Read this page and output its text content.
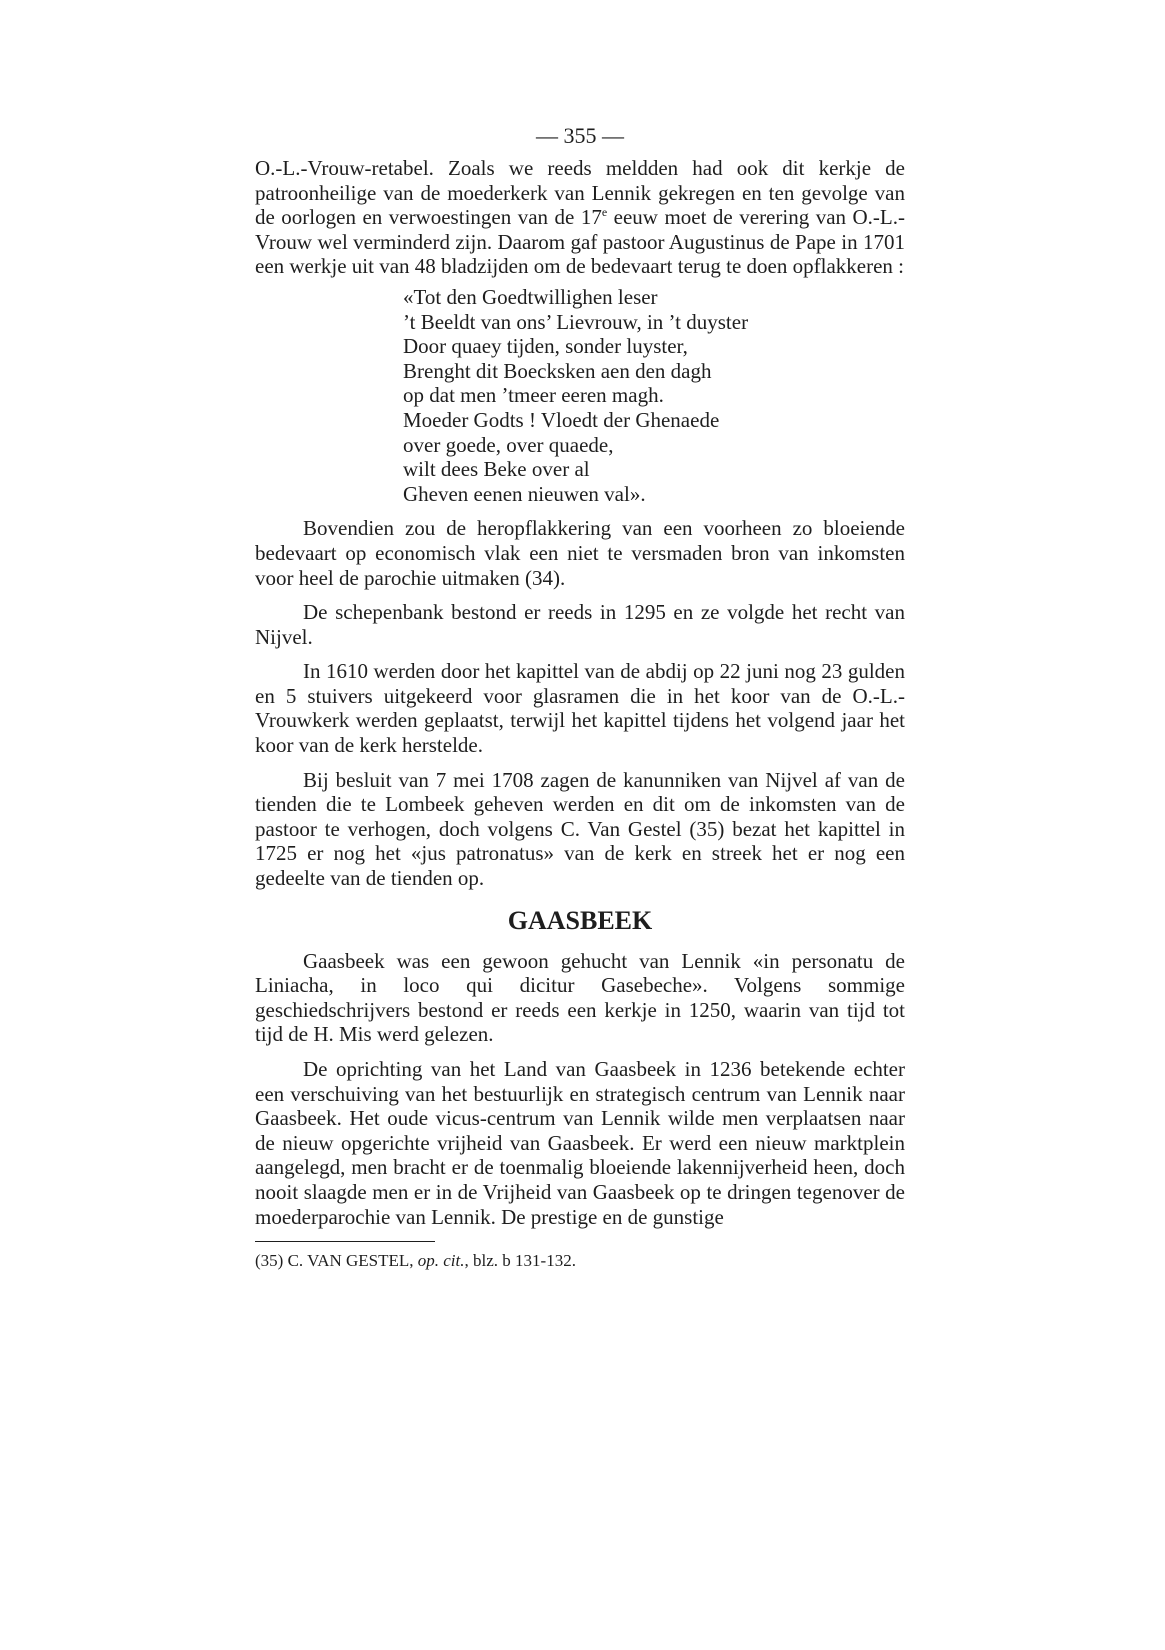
— 355 —

O.-L.-Vrouw-retabel. Zoals we reeds meldden had ook dit kerkje de patroonheilige van de moederkerk van Lennik gekregen en ten gevolge van de oorlogen en verwoestingen van de 17e eeuw moet de verering van O.-L.-Vrouw wel verminderd zijn. Daarom gaf pastoor Augustinus de Pape in 1701 een werkje uit van 48 bladzijden om de bedevaart terug te doen opflakkeren :

«Tot den Goedtwillighen leser
’t Beeldt van ons’ Lievrouw, in ’t duyster
Door quaey tijden, sonder luyster,
Brenght dit Boecksken aen den dagh
op dat men ’tmeer eeren magh.
Moeder Godts ! Vloedt der Ghenaede
over goede, over quaede,
wilt dees Beke over al
Gheven eenen nieuwen val».

Bovendien zou de heropflakkering van een voorheen zo bloeiende bedevaart op economisch vlak een niet te versmaden bron van inkomsten voor heel de parochie uitmaken (34).

De schepenbank bestond er reeds in 1295 en ze volgde het recht van Nijvel.

In 1610 werden door het kapittel van de abdij op 22 juni nog 23 gulden en 5 stuivers uitgekeerd voor glasramen die in het koor van de O.-L.-Vrouwkerk werden geplaatst, terwijl het kapittel tijdens het volgend jaar het koor van de kerk herstelde.

Bij besluit van 7 mei 1708 zagen de kanunniken van Nijvel af van de tienden die te Lombeek geheven werden en dit om de inkomsten van de pastoor te verhogen, doch volgens C. Van Gestel (35) bezat het kapittel in 1725 er nog het «jus patronatus» van de kerk en streek het er nog een gedeelte van de tienden op.

GAASBEEK

Gaasbeek was een gewoon gehucht van Lennik «in personatu de Liniacha, in loco qui dicitur Gasebeche». Volgens sommige geschiedschrijvers bestond er reeds een kerkje in 1250, waarin van tijd tot tijd de H. Mis werd gelezen.

De oprichting van het Land van Gaasbeek in 1236 betekende echter een verschuiving van het bestuurlijk en strategisch centrum van Lennik naar Gaasbeek. Het oude vicus-centrum van Lennik wilde men verplaatsen naar de nieuw opgerichte vrijheid van Gaasbeek. Er werd een nieuw marktplein aangelegd, men bracht er de toenmalig bloeiende lakennijverheid heen, doch nooit slaagde men er in de Vrijheid van Gaasbeek op te dringen tegenover de moederparochie van Lennik. De prestige en de gunstige

(35) C. VAN GESTEL, op. cit., blz. b 131-132.
